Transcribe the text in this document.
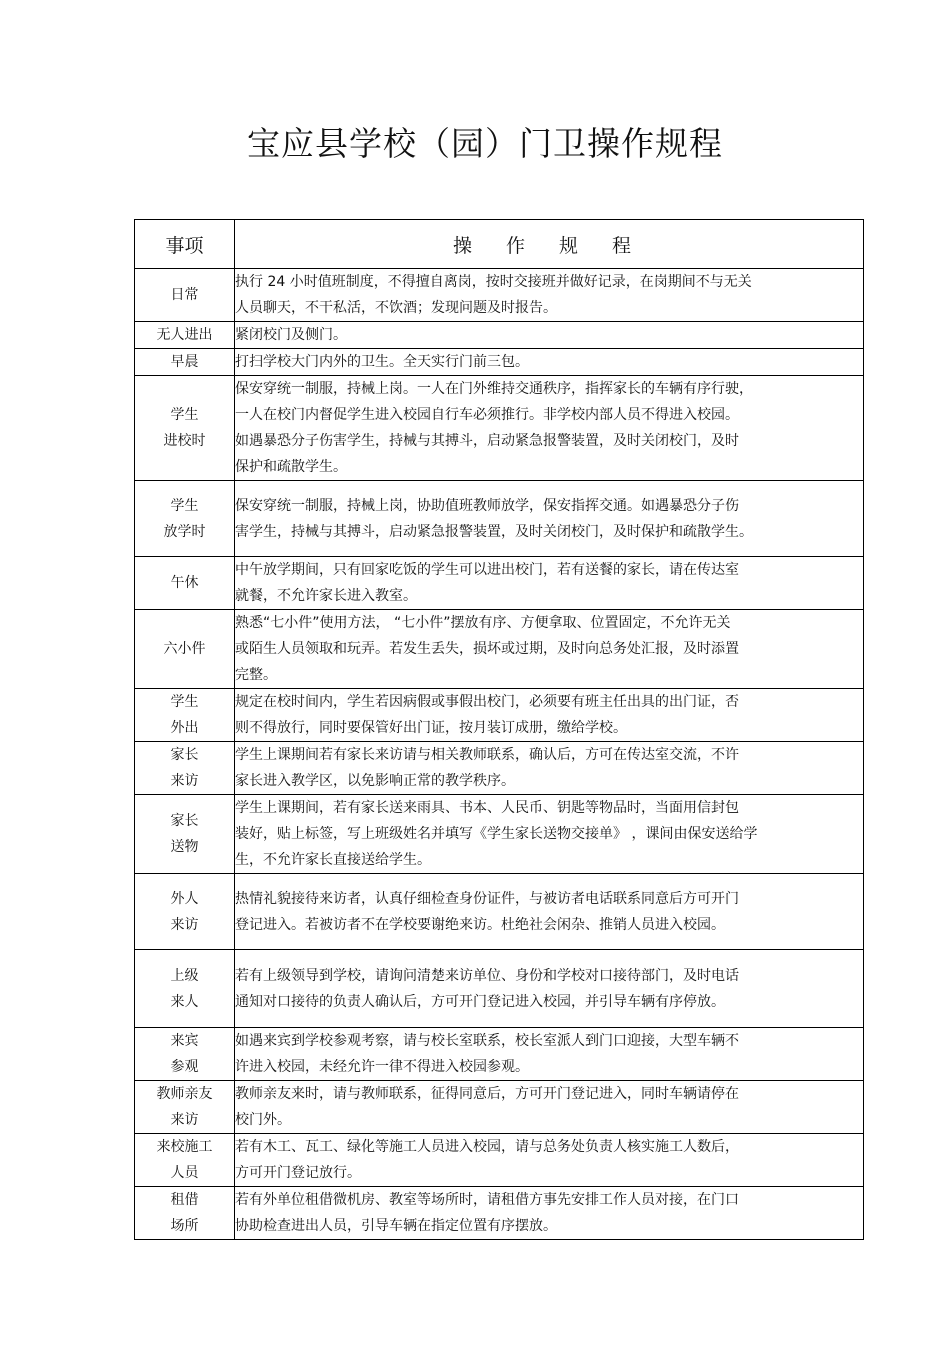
宝应县学校（园）门卫操作规程
事项	操 作 规 程

日常	执行 24 小时值班制度，不得擅自离岗，按时交接班并做好记录，在岗期间不与无关
人员聊天，不干私活，不饮酒；发现问题及时报告。

无人进出	紧闭校门及侧门。

早晨	打扫学校大门内外的卫生。全天实行门前三包。

学生
进校时	保安穿统一制服，持械上岗。一人在门外维持交通秩序，指挥家长的车辆有序行驶，
一人在校门内督促学生进入校园自行车必须推行。非学校内部人员不得进入校园。
如遇暴恐分子伤害学生，持械与其搏斗，启动紧急报警装置，及时关闭校门，及时
保护和疏散学生。

学生
放学时	保安穿统一制服，持械上岗，协助值班教师放学，保安指挥交通。如遇暴恐分子伤
害学生，持械与其搏斗，启动紧急报警装置，及时关闭校门，及时保护和疏散学生。

午休	中午放学期间，只有回家吃饭的学生可以进出校门，若有送餐的家长，请在传达室
就餐，不允许家长进入教室。

六小件	熟悉“七小件”使用方法， “七小件”摆放有序、方便拿取、位置固定，不允许无关
或陌生人员领取和玩弄。若发生丢失，损坏或过期，及时向总务处汇报，及时添置
完整。

学生
外出	规定在校时间内，学生若因病假或事假出校门，必须要有班主任出具的出门证，否
则不得放行，同时要保管好出门证，按月装订成册，缴给学校。

家长
来访	学生上课期间若有家长来访请与相关教师联系，确认后，方可在传达室交流，不许
家长进入教学区，以免影响正常的教学秩序。

家长
送物	学生上课期间，若有家长送来雨具、书本、人民币、钥匙等物品时，当面用信封包
装好，贴上标签，写上班级姓名并填写《学生家长送物交接单》 ，课间由保安送给学
生，不允许家长直接送给学生。

外人
来访	热情礼貌接待来访者，认真仔细检查身份证件，与被访者电话联系同意后方可开门
登记进入。若被访者不在学校要谢绝来访。杜绝社会闲杂、推销人员进入校园。

上级
来人	若有上级领导到学校，请询问清楚来访单位、身份和学校对口接待部门，及时电话
通知对口接待的负责人确认后，方可开门登记进入校园，并引导车辆有序停放。

来宾
参观	如遇来宾到学校参观考察，请与校长室联系，校长室派人到门口迎接，大型车辆不
许进入校园，未经允许一律不得进入校园参观。

教师亲友
来访	教师亲友来时，请与教师联系，征得同意后，方可开门登记进入，同时车辆请停在
校门外。

来校施工
人员	若有木工、瓦工、绿化等施工人员进入校园，请与总务处负责人核实施工人数后，
方可开门登记放行。

租借
场所	若有外单位租借微机房、教室等场所时，请租借方事先安排工作人员对接，在门口
协助检查进出人员，引导车辆在指定位置有序摆放。
